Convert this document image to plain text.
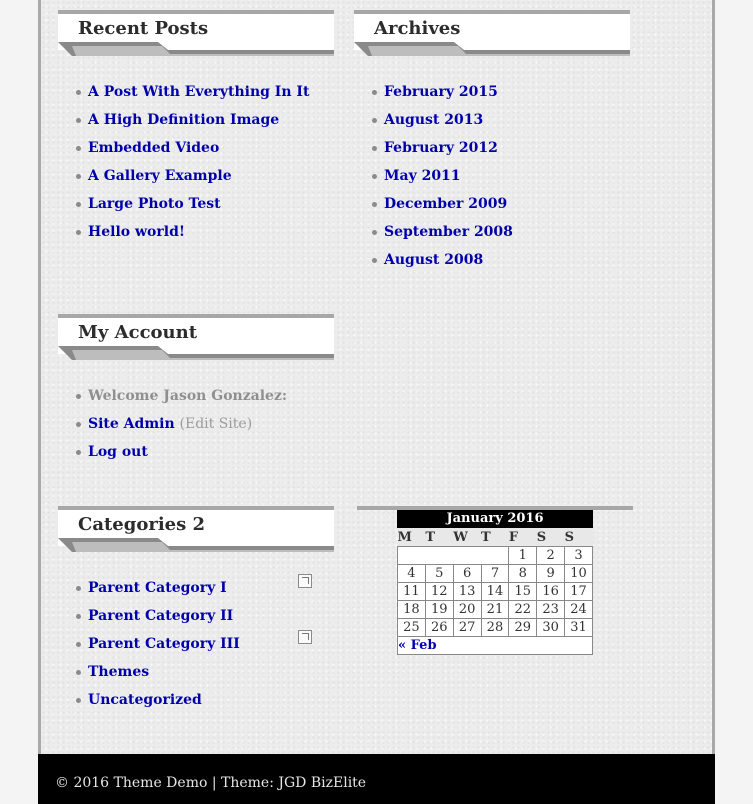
Recent Posts
A Post With Everything In It
A High Definition Image
Embedded Video
A Gallery Example
Large Photo Test
Hello world!
Archives
February 2015
August 2013
February 2012
May 2011
December 2009
September 2008
August 2008
My Account
Welcome Jason Gonzalez:
Site Admin (Edit Site)
Log out
Categories 2
Parent Category I
Parent Category II
Parent Category III
Themes
Uncategorized
January 2016
M	T	W	T	F	S	S
				1	2	3
4	5	6	7	8	9	10
11	12	13	14	15	16	17
18	19	20	21	22	23	24
25	26	27	28	29	30	31
« Feb						
© 2016 Theme Demo | Theme: JGD BizElite
